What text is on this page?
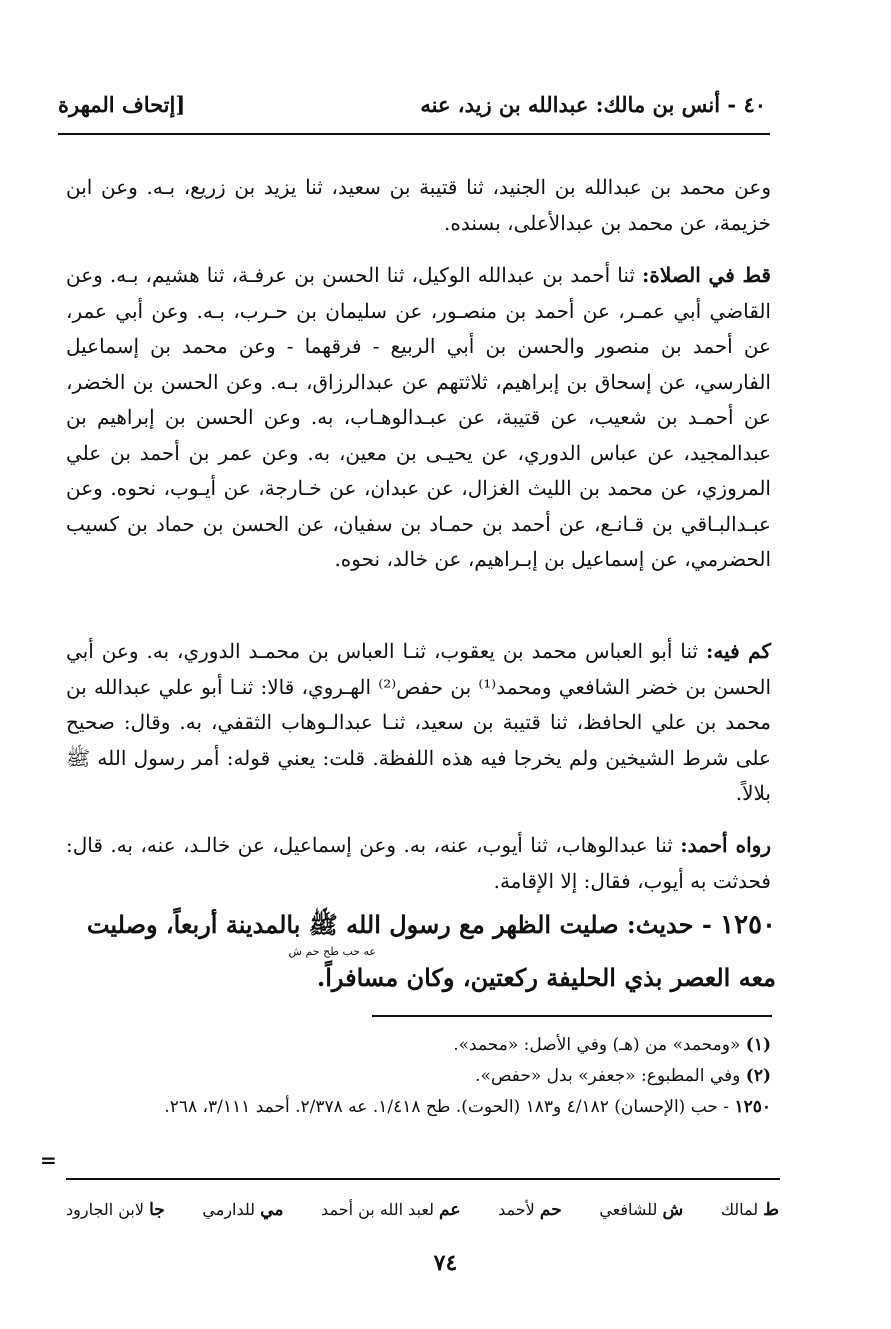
٤٠ - أنس بن مالك: عبدالله بن زيد، عنه
[إتحاف المهرة

وعن محمد بن عبدالله بن الجنيد، ثنا قتيبة بن سعيد، ثنا يزيد بن زريع، بـه. وعن ابن خزيمة، عن محمد بن عبدالأعلى، بسنده.

قط في الصلاة: ثنا أحمد بن عبدالله الوكيل، ثنا الحسن بن عرفـة، ثنا هشيم، بـه. وعن القاضي أبي عمـر، عن أحمد بن منصـور، عن سليمان بن حـرب، بـه. وعن أبي عمر، عن أحمد بن منصور والحسن بن أبي الربيع - فرقهما - وعن محمد بن إسماعيل الفارسي، عن إسحاق بن إبراهيم، ثلاثتهم عن عبدالرزاق، بـه. وعن الحسن بن الخضر، عن أحمـد بن شعيب، عن قتيبة، عن عبـدالوهـاب، به. وعن الحسن بن إبراهيم بن عبدالمجيد، عن عباس الدوري، عن يحيـى بن معين، به. وعن عمر بن أحمد بن علي المروزي، عن محمد بن الليث الغزال، عن عبدان، عن خـارجة، عن أيـوب، نحوه. وعن عبـدالبـاقي بن قـانـع، عن أحمد بن حمـاد بن سفيان، عن الحسن بن حماد بن كسيب الحضرمي، عن إسماعيل بن إبـراهيم، عن خالد، نحوه.

كم فيه: ثنا أبو العباس محمد بن يعقوب، ثنـا العباس بن محمـد الدوري، به. وعن أبي الحسن بن خضر الشافعي ومحمد⁽¹⁾ بن حفص⁽²⁾ الهـروي، قالا: ثنـا أبو علي عبدالله بن محمد بن علي الحافظ، ثنا قتيبة بن سعيد، ثنـا عبدالـوهاب الثقفي، به. وقال: صحيح على شرط الشيخين ولم يخرجا فيه هذه اللفظة. قلت: يعني قوله: أمر رسول الله ﷺ بلالاً.

رواه أحمد: ثنا عبدالوهاب، ثنا أيوب، عنه، به. وعن إسماعيل، عن خالـد، عنه، به. قال: فحدثت به أيوب، فقال: إلا الإقامة.

١٢٥٠ - حديث: صليت الظهر مع رسول الله ﷺ بالمدينة أربعاً، وصليت
عه حب طح حم ش
معه العصر بذي الحليفة ركعتين، وكان مسافراً.
(١) «ومحمد» من (هـ) وفي الأصل: «محمد».
(٢) وفي المطبوع: «جعفر» بدل «حفص».
١٢٥٠ - حب (الإحسان) ٤/١٨٢ و١٨٣ (الحوت). طح ١/٤١٨. عه ٢/٣٧٨. أحمد ٣/١١١، ٢٦٨.
=
ط لمالك
ش للشافعي
حم لأحمد
عم لعبد الله بن أحمد
مي للدارمي
جا لابن الجارود
٧٤
